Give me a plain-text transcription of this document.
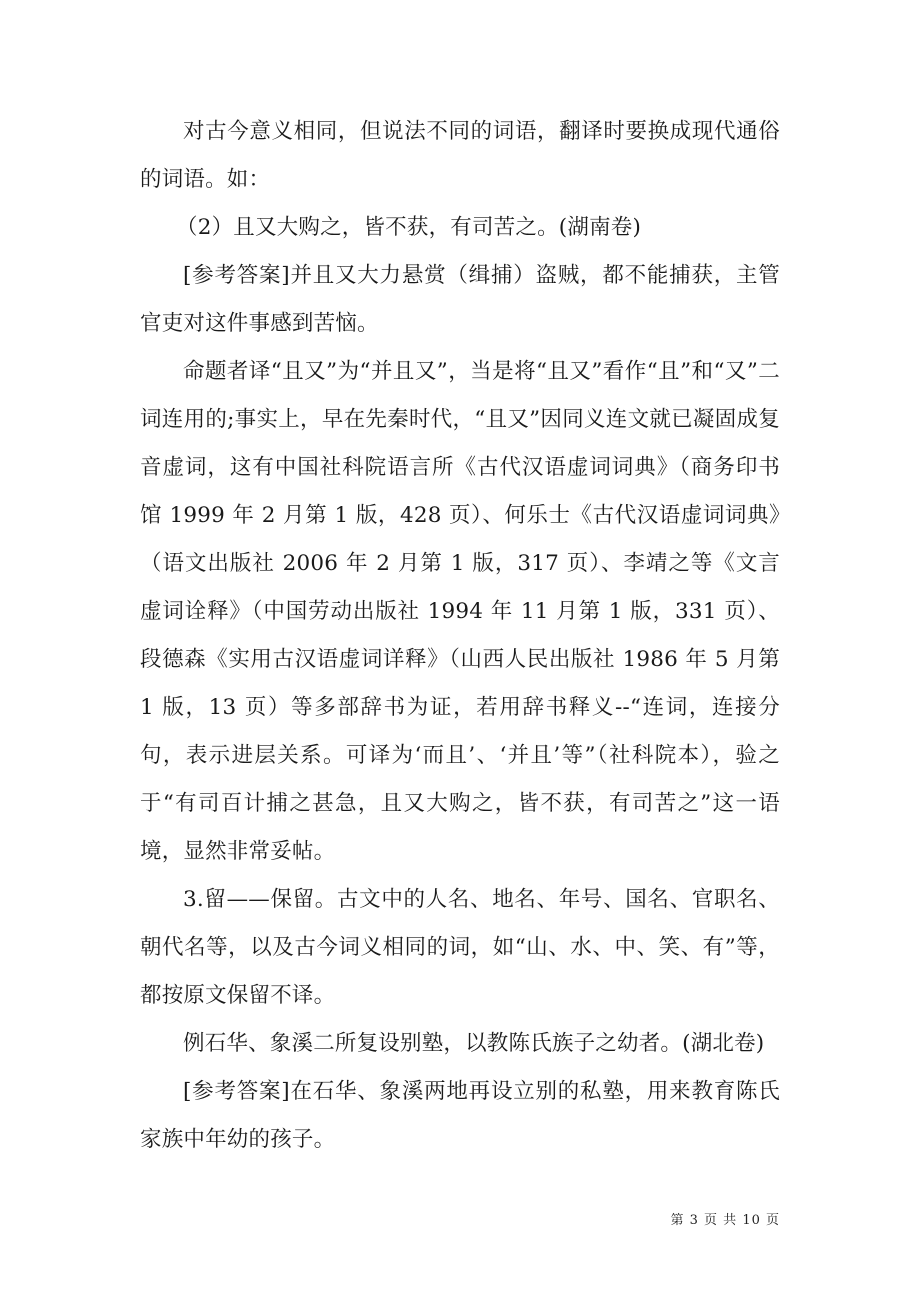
对古今意义相同，但说法不同的词语，翻译时要换成现代通俗的词语。如：

（2）且又大购之，皆不获，有司苦之。(湖南卷)

[参考答案]并且又大力悬赏（缉捕）盗贼，都不能捕获，主管官吏对这件事感到苦恼。

命题者译“且又”为“并且又”，当是将“且又”看作“且”和“又”二词连用的;事实上，早在先秦时代，“且又”因同义连文就已凝固成复音虚词，这有中国社科院语言所《古代汉语虚词词典》（商务印书馆 1999 年 2 月第 1 版，428 页）、何乐士《古代汉语虚词词典》（语文出版社 2006 年 2 月第 1 版，317 页）、李靖之等《文言虚词诠释》（中国劳动出版社 1994 年 11 月第 1 版，331 页）、段德森《实用古汉语虚词详释》（山西人民出版社 1986 年 5 月第 1 版，13 页）等多部辞书为证，若用辞书释义--“连词，连接分句，表示进层关系。可译为‘而且’、‘并且’等”（社科院本），验之于“有司百计捕之甚急，且又大购之，皆不获，有司苦之”这一语境，显然非常妥帖。

3.留——保留。古文中的人名、地名、年号、国名、官职名、朝代名等，以及古今词义相同的词，如“山、水、中、笑、有”等，都按原文保留不译。

例石华、象溪二所复设别塾，以教陈氏族子之幼者。(湖北卷)

[参考答案]在石华、象溪两地再设立别的私塾，用来教育陈氏家族中年幼的孩子。

第 3 页 共 10 页
